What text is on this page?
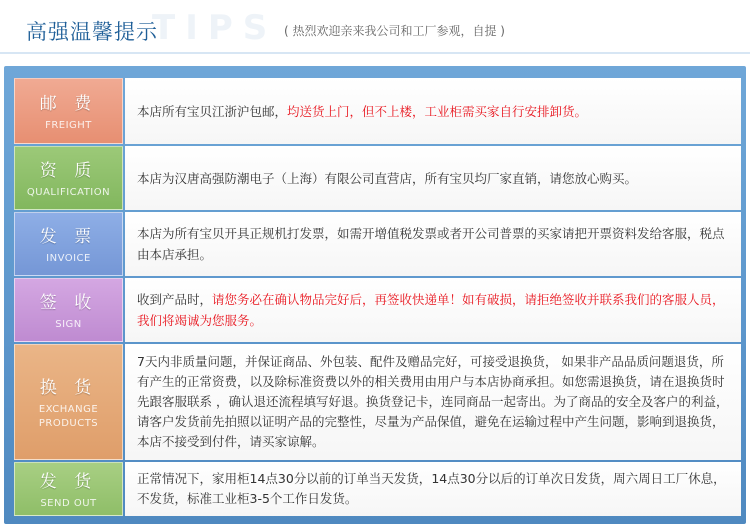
TIPS
高强温馨提示	( 热烈欢迎亲来我公司和工厂参观，自提 )
邮 费
FREIGHT
本店所有宝贝江浙沪包邮，均送货上门，但不上楼，工业柜需买家自行安排卸货。
资 质
QUALIFICATION
本店为汉唐高强防潮电子（上海）有限公司直营店，所有宝贝均厂家直销，请您放心购买。
发 票
INVOICE
本店为所有宝贝开具正规机打发票，如需开增值税发票或者开公司普票的买家请把开票资料发给客服，税点由本店承担。
签 收
SIGN
收到产品时，请您务必在确认物品完好后，再签收快递单！如有破损，请拒绝签收并联系我们的客服人员，我们将竭诚为您服务。
换 货
EXCHANGE PRODUCTS
7天内非质量问题，并保证商品、外包装、配件及赠品完好，可接受退换货， 如果非产品品质问题退货，所有产生的正常资费，以及除标准资费以外的相关费用由用户与本店协商承担。如您需退换货，请在退换货时先跟客服联系 ，确认退还流程填写好退。换货登记卡，连同商品一起寄出。为了商品的安全及客户的利益，请客户发货前先拍照以证明产品的完整性，尽量为产品保值，避免在运输过程中产生问题，影响到退换货，本店不接受到付件，请买家谅解。
发 货
SEND OUT
正常情况下，家用柜14点30分以前的订单当天发货，14点30分以后的订单次日发货，周六周日工厂休息，不发货，标准工业柜3-5个工作日发货。
